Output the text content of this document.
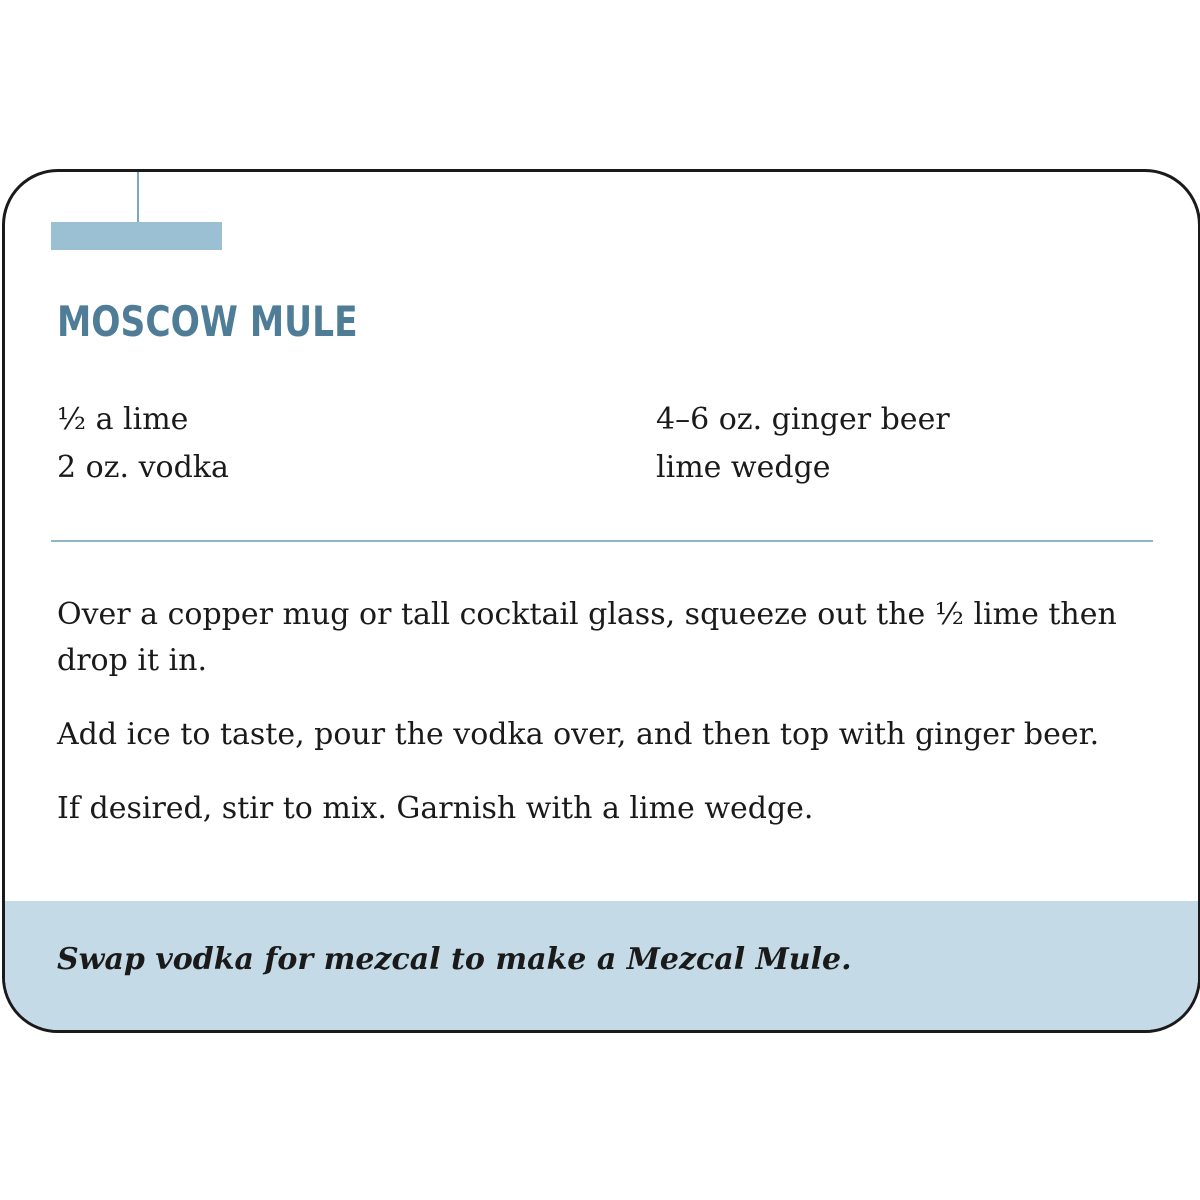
MOSCOW MULE
½ a lime
2 oz. vodka
4–6 oz. ginger beer
lime wedge

Over a copper mug or tall cocktail glass, squeeze out the ½ lime then drop it in.

Add ice to taste, pour the vodka over, and then top with ginger beer.

If desired, stir to mix. Garnish with a lime wedge.

Swap vodka for mezcal to make a Mezcal Mule.
